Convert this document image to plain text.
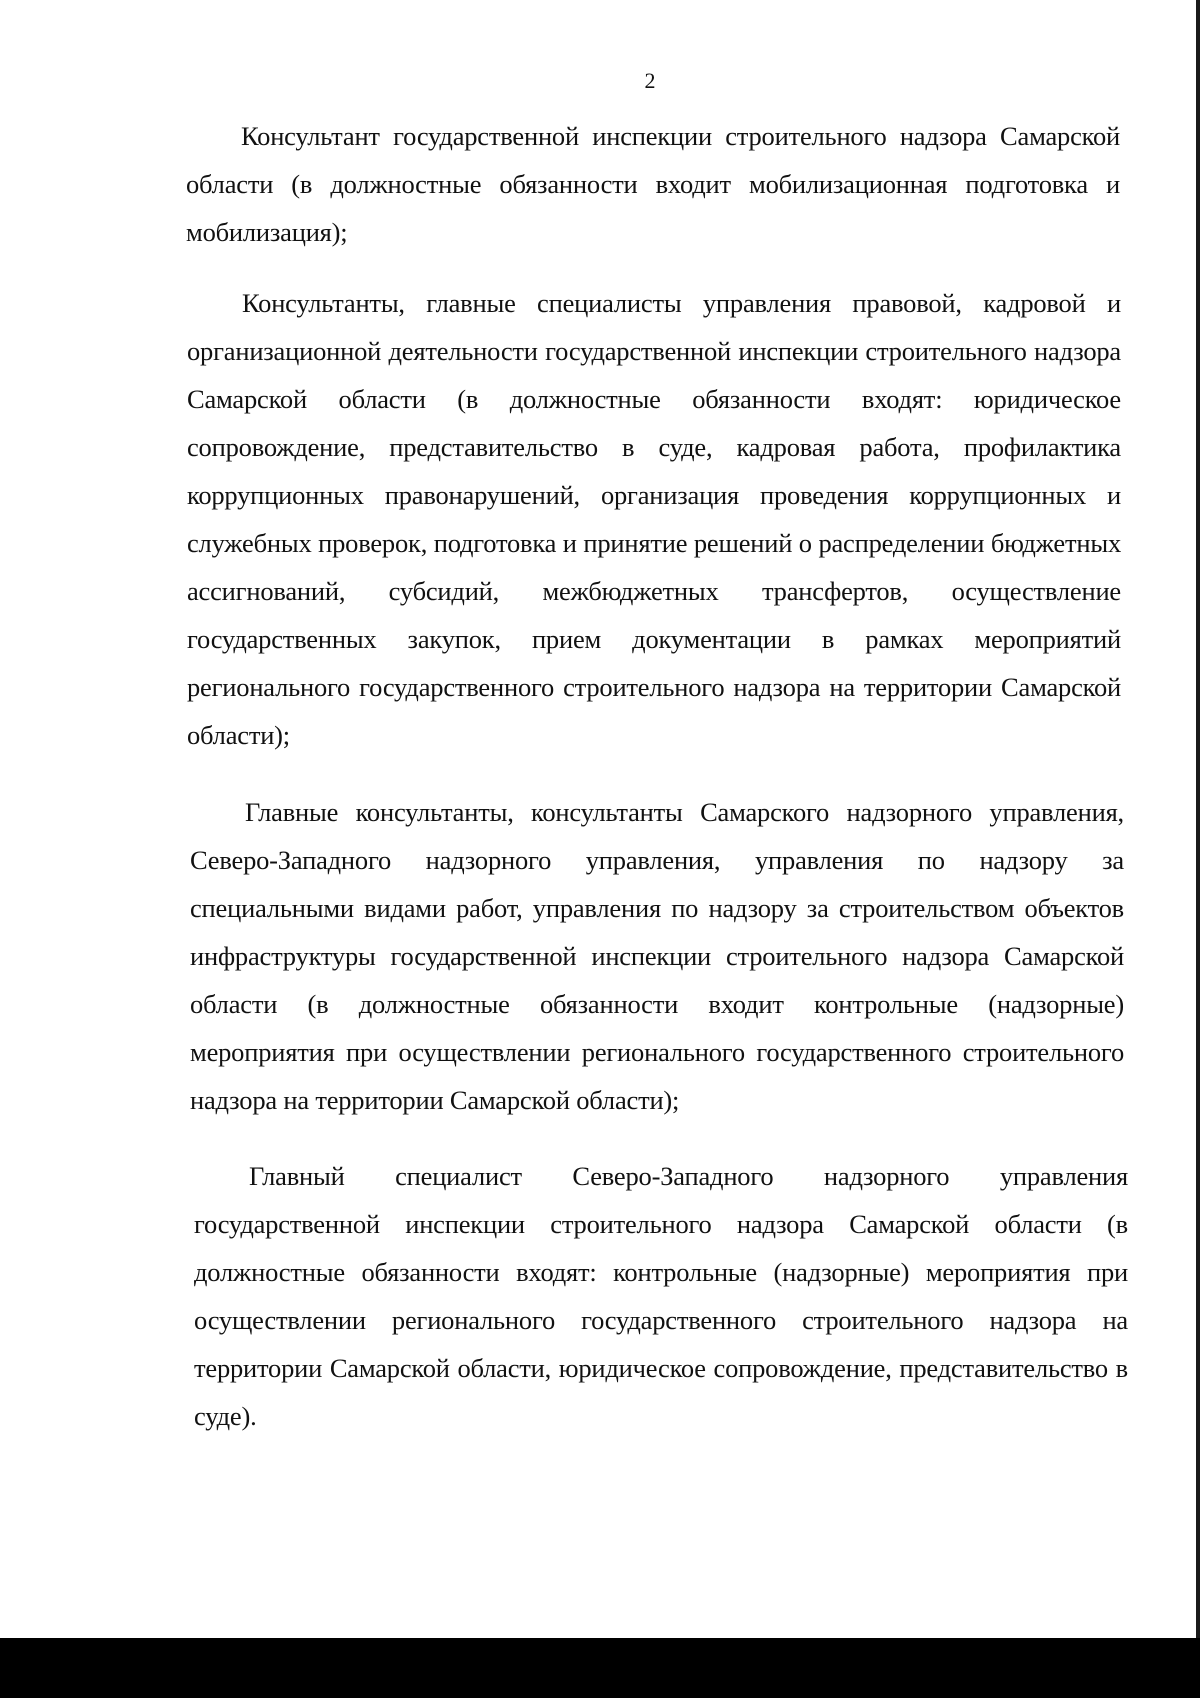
2

Консультант государственной инспекции строительного надзора Самарской области (в должностные обязанности входит мобилизационная подготовка и мобилизация);

Консультанты, главные специалисты управления правовой, кадровой и организационной деятельности государственной инспекции строительного надзора Самарской области (в должностные обязанности входят: юридическое сопровождение, представительство в суде, кадровая работа, профилактика коррупционных правонарушений, организация проведения коррупционных и служебных проверок, подготовка и принятие решений о распределении бюджетных ассигнований, субсидий, межбюджетных трансфертов, осуществление государственных закупок, прием документации в рамках мероприятий регионального государственного строительного надзора на территории Самарской области);

Главные консультанты, консультанты Самарского надзорного управления, Северо-Западного надзорного управления, управления по надзору за специальными видами работ, управления по надзору за строительством объектов инфраструктуры государственной инспекции строительного надзора Самарской области (в должностные обязанности входит контрольные (надзорные) мероприятия при осуществлении регионального государственного строительного надзора на территории Самарской области);

Главный специалист Северо-Западного надзорного управления государственной инспекции строительного надзора Самарской области (в должностные обязанности входят: контрольные (надзорные) мероприятия при осуществлении регионального государственного строительного надзора на территории Самарской области, юридическое сопровождение, представительство в суде).
